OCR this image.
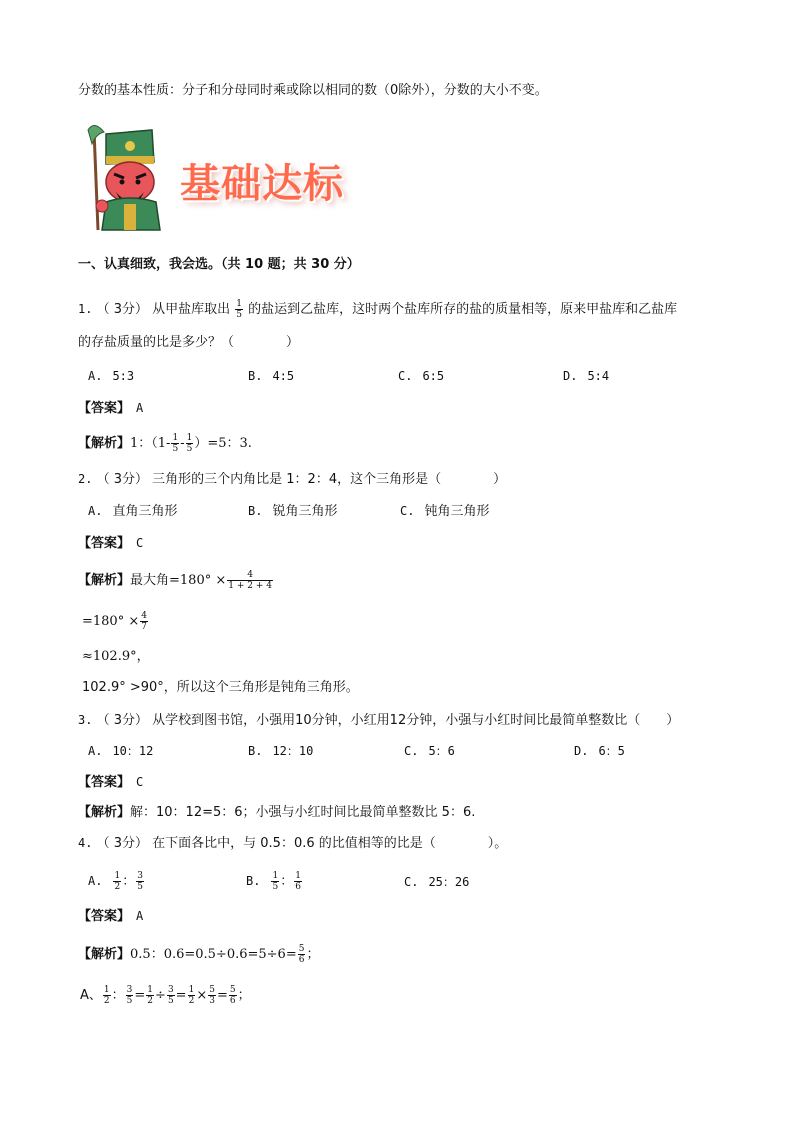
分数的基本性质：分子和分母同时乘或除以相同的数（0除外），分数的大小不变。
基础达标
一、认真细致，我会选。（共 10 题；共 30 分）
1. （ 3分） 从甲盐库取出 $\frac{1}{5}$ 的盐运到乙盐库，这时两个盐库所存的盐的质量相等，原来甲盐库和乙盐库
的存盐质量的比是多少？（　　　　）
A. 5:3	B. 4:5	C. 6:5	D. 5:4
【答案】 A
【解析】1：$(1- \frac{1}{5} - \frac{1}{5} )=5$：3.
2. （ 3分） 三角形的三个内角比是 1：2：4，这个三角形是（　　　　）
A. 直角三角形	B. 锐角三角形	C. 钝角三角形
【答案】 C
【解析】最大角$=180^\circ \times \frac{4}{1 + 2 + 4}$
$=180^\circ \times \frac{4}{7}$
≈102.9°，
102.9° >90°，所以这个三角形是钝角三角形。
3. （ 3分） 从学校到图书馆，小强用10分钟，小红用12分钟，小强与小红时间比最简单整数比（　　）
A. 10：12	B. 12：10	C. 5：6	D. 6：5
【答案】 C
【解析】解：10：12=5：6；小强与小红时间比最简单整数比 5：6.
4. （ 3分） 在下面各比中，与 0.5：0.6 的比值相等的比是（　　　　）。
A. $\frac{1}{2}$ ： $\frac{3}{5}$	B. $\frac{1}{5}$ ： $\frac{1}{6}$	C. 25：26
【答案】 A
【解析】0.5：$0.6=0.5\div 0.6=5\div 6= \frac{5}{6}$ ；
A、 $\frac{1}{2}$ ： $\frac{3}{5} = \frac{1}{2} \div \frac{3}{5} = \frac{1}{2} \times \frac{5}{3} = \frac{5}{6}$ ；
